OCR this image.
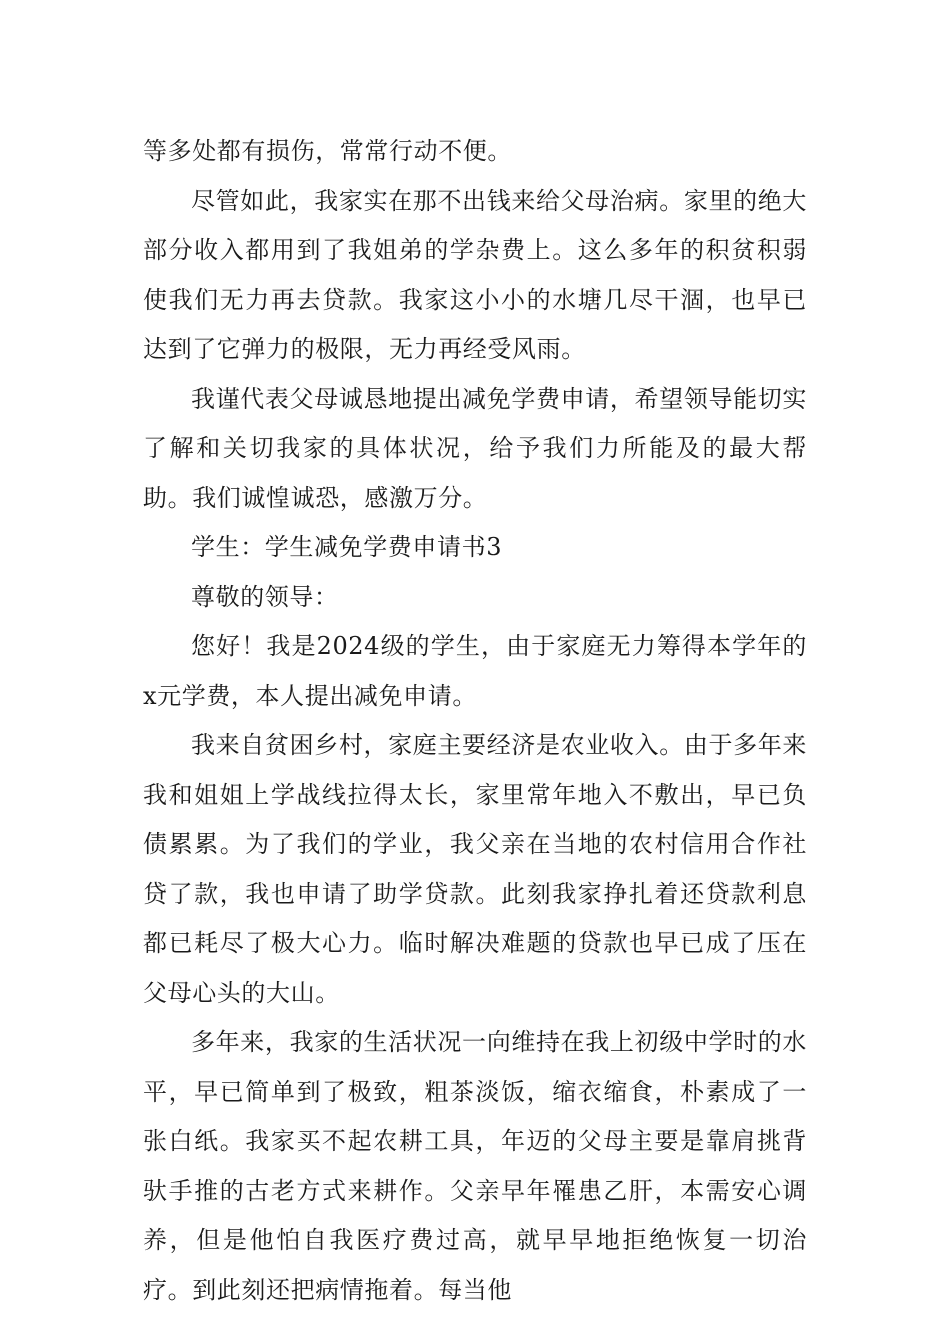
等多处都有损伤，常常行动不便。

尽管如此，我家实在那不出钱来给父母治病。家里的绝大部分收入都用到了我姐弟的学杂费上。这么多年的积贫积弱使我们无力再去贷款。我家这小小的水塘几尽干涸，也早已达到了它弹力的极限，无力再经受风雨。

我谨代表父母诚恳地提出减免学费申请，希望领导能切实了解和关切我家的具体状况，给予我们力所能及的最大帮助。我们诚惶诚恐，感激万分。

学生：学生减免学费申请书3

尊敬的领导：

您好！我是2024级的学生，由于家庭无力筹得本学年的x元学费，本人提出减免申请。

我来自贫困乡村，家庭主要经济是农业收入。由于多年来我和姐姐上学战线拉得太长，家里常年地入不敷出，早已负债累累。为了我们的学业，我父亲在当地的农村信用合作社贷了款，我也申请了助学贷款。此刻我家挣扎着还贷款利息都已耗尽了极大心力。临时解决难题的贷款也早已成了压在父母心头的大山。

多年来，我家的生活状况一向维持在我上初级中学时的水平，早已简单到了极致，粗茶淡饭，缩衣缩食，朴素成了一张白纸。我家买不起农耕工具，年迈的父母主要是靠肩挑背驮手推的古老方式来耕作。父亲早年罹患乙肝，本需安心调养，但是他怕自我医疗费过高，就早早地拒绝恢复一切治疗。到此刻还把病情拖着。每当他
